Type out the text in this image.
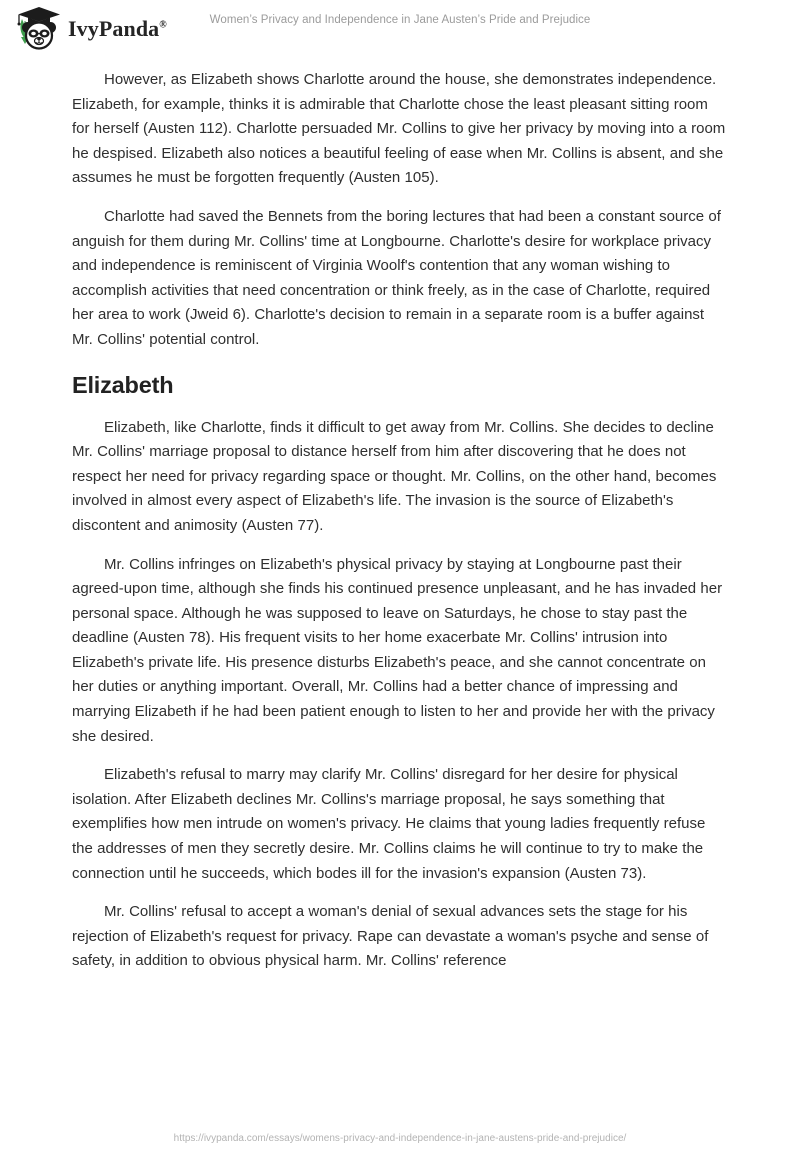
IvyPanda®	Women’s Privacy and Independence in Jane Austen’s Pride and Prejudice

However, as Elizabeth shows Charlotte around the house, she demonstrates independence. Elizabeth, for example, thinks it is admirable that Charlotte chose the least pleasant sitting room for herself (Austen 112). Charlotte persuaded Mr. Collins to give her privacy by moving into a room he despised. Elizabeth also notices a beautiful feeling of ease when Mr. Collins is absent, and she assumes he must be forgotten frequently (Austen 105).

Charlotte had saved the Bennets from the boring lectures that had been a constant source of anguish for them during Mr. Collins' time at Longbourne. Charlotte's desire for workplace privacy and independence is reminiscent of Virginia Woolf's contention that any woman wishing to accomplish activities that need concentration or think freely, as in the case of Charlotte, required her area to work (Jweid 6). Charlotte's decision to remain in a separate room is a buffer against Mr. Collins' potential control.

Elizabeth

Elizabeth, like Charlotte, finds it difficult to get away from Mr. Collins. She decides to decline Mr. Collins' marriage proposal to distance herself from him after discovering that he does not respect her need for privacy regarding space or thought. Mr. Collins, on the other hand, becomes involved in almost every aspect of Elizabeth's life. The invasion is the source of Elizabeth's discontent and animosity (Austen 77).

Mr. Collins infringes on Elizabeth's physical privacy by staying at Longbourne past their agreed-upon time, although she finds his continued presence unpleasant, and he has invaded her personal space. Although he was supposed to leave on Saturdays, he chose to stay past the deadline (Austen 78). His frequent visits to her home exacerbate Mr. Collins' intrusion into Elizabeth's private life. His presence disturbs Elizabeth's peace, and she cannot concentrate on her duties or anything important. Overall, Mr. Collins had a better chance of impressing and marrying Elizabeth if he had been patient enough to listen to her and provide her with the privacy she desired.

Elizabeth's refusal to marry may clarify Mr. Collins' disregard for her desire for physical isolation. After Elizabeth declines Mr. Collins's marriage proposal, he says something that exemplifies how men intrude on women's privacy. He claims that young ladies frequently refuse the addresses of men they secretly desire. Mr. Collins claims he will continue to try to make the connection until he succeeds, which bodes ill for the invasion's expansion (Austen 73).

Mr. Collins' refusal to accept a woman's denial of sexual advances sets the stage for his rejection of Elizabeth's request for privacy. Rape can devastate a woman's psyche and sense of safety, in addition to obvious physical harm. Mr. Collins' reference

https://ivypanda.com/essays/womens-privacy-and-independence-in-jane-austens-pride-and-prejudice/
